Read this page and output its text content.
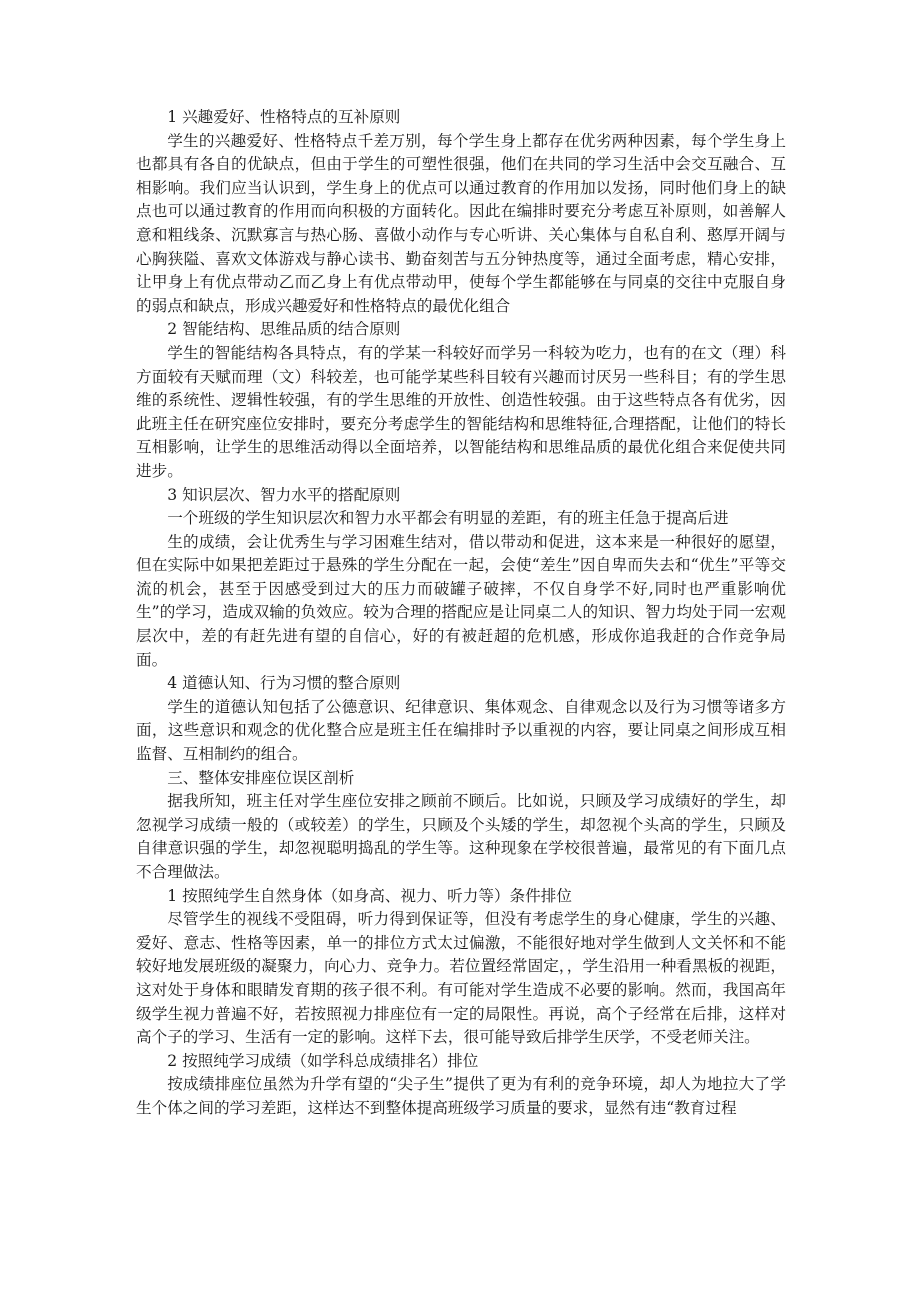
1 兴趣爱好、性格特点的互补原则

学生的兴趣爱好、性格特点千差万别，每个学生身上都存在优劣两种因素，每个学生身上也都具有各自的优缺点，但由于学生的可塑性很强，他们在共同的学习生活中会交互融合、互相影响。我们应当认识到，学生身上的优点可以通过教育的作用加以发扬，同时他们身上的缺点也可以通过教育的作用而向积极的方面转化。因此在编排时要充分考虑互补原则，如善解人意和粗线条、沉默寡言与热心肠、喜做小动作与专心听讲、关心集体与自私自利、憨厚开阔与心胸狭隘、喜欢文体游戏与静心读书、勤奋刻苦与五分钟热度等，通过全面考虑，精心安排，让甲身上有优点带动乙而乙身上有优点带动甲，使每个学生都能够在与同桌的交往中克服自身的弱点和缺点，形成兴趣爱好和性格特点的最优化组合

2 智能结构、思维品质的结合原则

学生的智能结构各具特点，有的学某一科较好而学另一科较为吃力，也有的在文（理）科方面较有天赋而理（文）科较差，也可能学某些科目较有兴趣而讨厌另一些科目；有的学生思维的系统性、逻辑性较强，有的学生思维的开放性、创造性较强。由于这些特点各有优劣，因此班主任在研究座位安排时，要充分考虑学生的智能结构和思维特征,合理搭配，让他们的特长互相影响，让学生的思维活动得以全面培养，以智能结构和思维品质的最优化组合来促使共同进步。

3 知识层次、智力水平的搭配原则

一个班级的学生知识层次和智力水平都会有明显的差距，有的班主任急于提高后进

生的成绩，会让优秀生与学习困难生结对，借以带动和促进，这本来是一种很好的愿望，但在实际中如果把差距过于悬殊的学生分配在一起，会使“差生”因自卑而失去和“优生”平等交流的机会，甚至于因感受到过大的压力而破罐子破摔，不仅自身学不好,同时也严重影响优生”的学习，造成双输的负效应。较为合理的搭配应是让同桌二人的知识、智力均处于同一宏观层次中，差的有赶先进有望的自信心，好的有被赶超的危机感，形成你追我赶的合作竞争局面。

4 道德认知、行为习惯的整合原则

学生的道德认知包括了公德意识、纪律意识、集体观念、自律观念以及行为习惯等诸多方面，这些意识和观念的优化整合应是班主任在编排时予以重视的内容，要让同桌之间形成互相监督、互相制约的组合。

三、整体安排座位误区剖析

据我所知，班主任对学生座位安排之顾前不顾后。比如说，只顾及学习成绩好的学生，却忽视学习成绩一般的（或较差）的学生，只顾及个头矮的学生，却忽视个头高的学生，只顾及自律意识强的学生，却忽视聪明捣乱的学生等。这种现象在学校很普遍，最常见的有下面几点不合理做法。

1 按照纯学生自然身体（如身高、视力、听力等）条件排位

尽管学生的视线不受阻碍，听力得到保证等，但没有考虑学生的身心健康，学生的兴趣、爱好、意志、性格等因素，单一的排位方式太过偏激，不能很好地对学生做到人文关怀和不能较好地发展班级的凝聚力，向心力、竞争力。若位置经常固定，，学生沿用一种看黑板的视距，这对处于身体和眼睛发育期的孩子很不利。有可能对学生造成不必要的影响。然而，我国高年级学生视力普遍不好，若按照视力排座位有一定的局限性。再说，高个子经常在后排，这样对高个子的学习、生活有一定的影响。这样下去，很可能导致后排学生厌学，不受老师关注。

2 按照纯学习成绩（如学科总成绩排名）排位

按成绩排座位虽然为升学有望的“尖子生”提供了更为有利的竞争环境，却人为地拉大了学生个体之间的学习差距，这样达不到整体提高班级学习质量的要求，显然有违“教育过程
